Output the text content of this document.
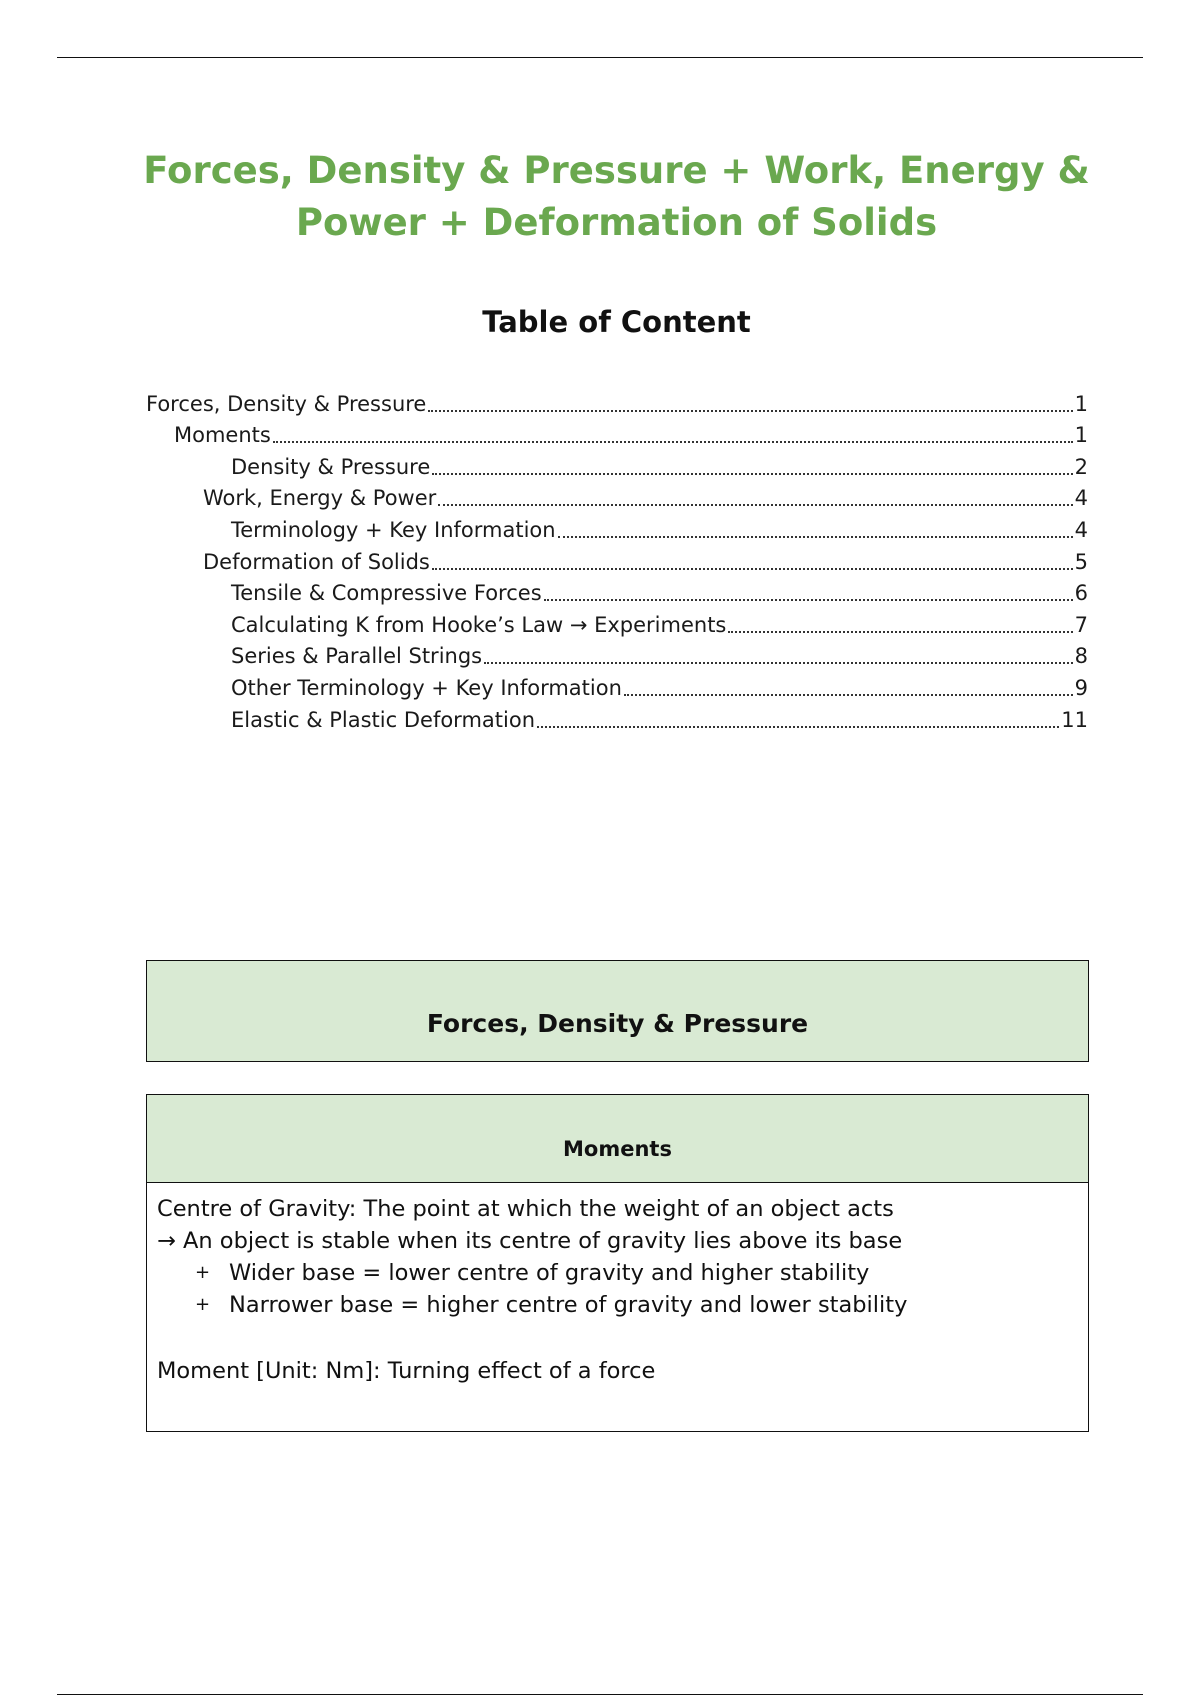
Forces, Density & Pressure + Work, Energy &
Power + Deformation of Solids
Table of Content
Forces, Density & Pressure	1
Moments	1
Density & Pressure	2
Work, Energy & Power	4
Terminology + Key Information	4
Deformation of Solids	5
Tensile & Compressive Forces	6
Calculating K from Hooke’s Law → Experiments	7
Series & Parallel Strings	8
Other Terminology + Key Information	9
Elastic & Plastic Deformation	11
Forces, Density & Pressure
Moments

Centre of Gravity: The point at which the weight of an object acts

→ An object is stable when its centre of gravity lies above its base

+ Wider base = lower centre of gravity and higher stability
+ Narrower base = higher centre of gravity and lower stability

Moment [Unit: Nm]: Turning effect of a force
